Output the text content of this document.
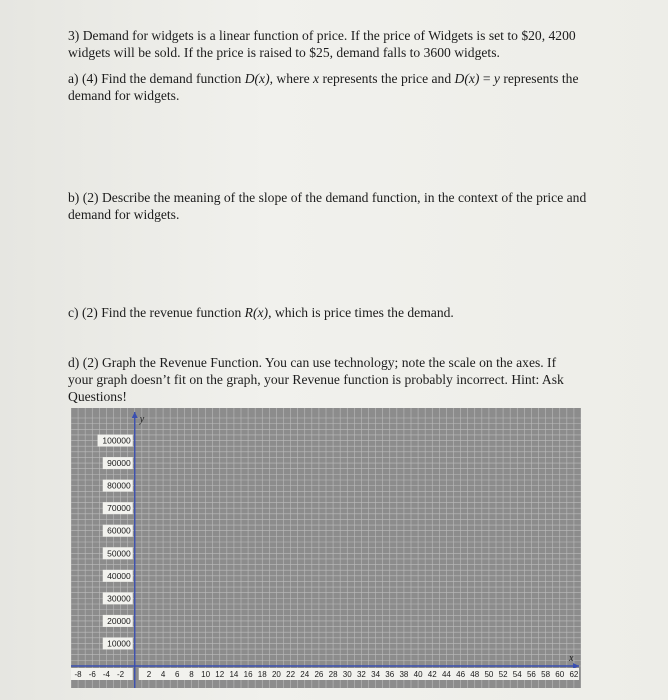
3) Demand for widgets is a linear function of price. If the price of Widgets is set to $20, 4200
widgets will be sold. If the price is raised to $25, demand falls to 3600 widgets.
a) (4) Find the demand function D(x), where x represents the price and D(x) = y represents the
demand for widgets.
b) (2) Describe the meaning of the slope of the demand function, in the context of the price and
demand for widgets.
c) (2) Find the revenue function R(x), which is price times the demand.
d) (2) Graph the Revenue Function. You can use technology; note the scale on the axes. If
your graph doesn’t fit on the graph, your Revenue function is probably incorrect. Hint: Ask
Questions!
10000
20000
30000
40000
50000
60000
70000
80000
90000
100000
y
x
-8 -6 -4 -2	2 4 6 8 10 12 14 16 18 20 22 24 26 28 30 32 34 36 38 40 42 44 46 48 50 52 54 56 58 60 62
